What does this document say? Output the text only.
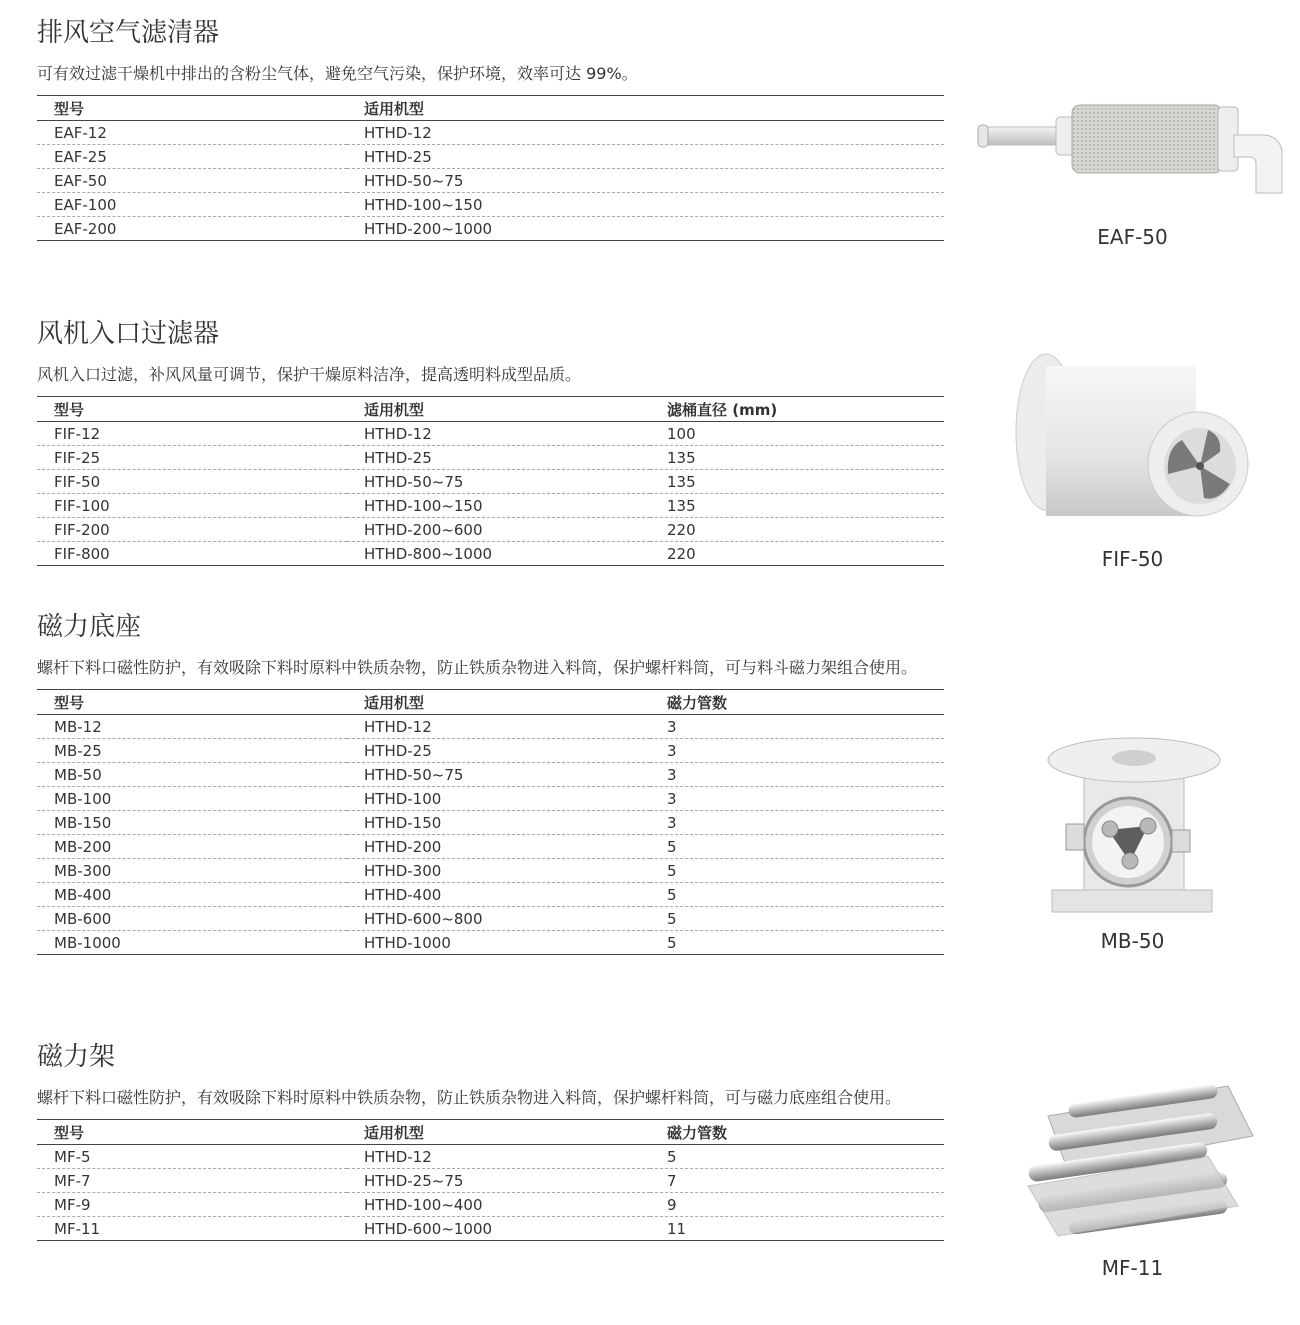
排风空气滤清器

可有效过滤干燥机中排出的含粉尘气体，避免空气污染，保护环境，效率可达 99%。

型号	适用机型	
EAF-12	HTHD-12	
EAF-25	HTHD-25	
EAF-50	HTHD-50~75	
EAF-100	HTHD-100~150	
EAF-200	HTHD-200~1000	
风机入口过滤器

风机入口过滤，补风风量可调节，保护干燥原料洁净，提高透明料成型品质。

型号	适用机型	滤桶直径 (mm)
FIF-12	HTHD-12	100
FIF-25	HTHD-25	135
FIF-50	HTHD-50~75	135
FIF-100	HTHD-100~150	135
FIF-200	HTHD-200~600	220
FIF-800	HTHD-800~1000	220
磁力底座

螺杆下料口磁性防护，有效吸除下料时原料中铁质杂物，防止铁质杂物进入料筒，保护螺杆料筒，可与料斗磁力架组合使用。

型号	适用机型	磁力管数
MB-12	HTHD-12	3
MB-25	HTHD-25	3
MB-50	HTHD-50~75	3
MB-100	HTHD-100	3
MB-150	HTHD-150	3
MB-200	HTHD-200	5
MB-300	HTHD-300	5
MB-400	HTHD-400	5
MB-600	HTHD-600~800	5
MB-1000	HTHD-1000	5
磁力架

螺杆下料口磁性防护，有效吸除下料时原料中铁质杂物，防止铁质杂物进入料筒，保护螺杆料筒，可与磁力底座组合使用。

型号	适用机型	磁力管数
MF-5	HTHD-12	5
MF-7	HTHD-25~75	7
MF-9	HTHD-100~400	9
MF-11	HTHD-600~1000	11
EAF-50
FIF-50
MB-50
MF-11
